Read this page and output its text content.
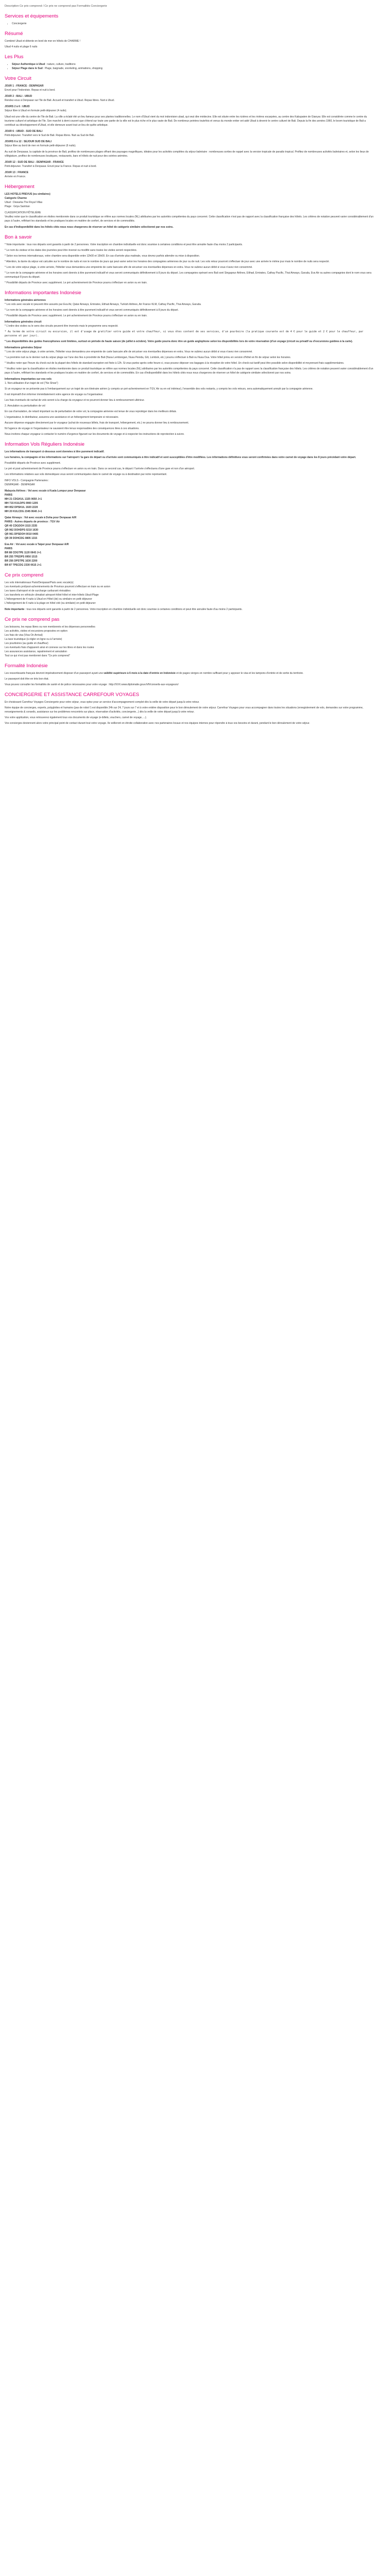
Description Ce prix comprend / Ce prix ne comprend pas Formalités Conciergerie
Services et équipements
• Conciergerie
Résumé

Combiné Ubud et détente en bord de mer en hôtels de CHARME !

Ubud 4 nuits et plage 6 nuits

Les Plus
• Séjour Authentique à Ubud : nature, culture, traditions
• Séjour Plage dans le Sud : Plage, baignade, snorkeling, animations, shopping
Votre Circuit
JOUR 1 : FRANCE - DENPASAR
Envol pour l'Indonésie. Repas et nuit à bord.
JOUR 2 : BALI - UBUD
Rendez-vous à Denpasar sur l'île de Bali. Accueil et transfert à Ubud. Repas libres. Nuit à Ubud.
JOURS 2 à 6 : UBUD
Séjour libre à Ubud en formule petit-déjeuner (4 nuits).
Ubud est une ville du centre de l'île de Bali. La ville a éclaté été un lieu fameux pour ses plantes traditionnelles. Le nom d'Ubud vient du mot indonésien ubad, qui veut dire médecine. Elle est située entre les rizières et les rivières escarpées, au centre des Kabupaten de Gianyar. Elle est considérée comme le centre du tourisme culturel et artistique de l'île. Son marché à demi couvert que s'étend sur toute une partie de la ville est le plus riche et le plus vaste de Bali. De nombreux peintres toutefois et venus du monde entier ont aidé Ubud à devenir le centre culturel de Bali. Depuis la fin des années 1960, le boom touristique de Bali a contribué au développement d'Ubud, et elle demeure avant tout un lieu de quête artistique.
JOUR 6 : UBUD - SUD DE BALI
Petit-déjeuner. Transfert vers le Sud de Bali. Repas libres. Nuit au Sud de Bali.
JOURS 6 à 12 : SEJOUR SUD DE BALI
Séjour libre au bord de mer en formule petit-déjeuner (6 nuits).
Au sud de Denpasar, la capitale de la province de Bali, profitez de nombreuses plages offrant des paysages magnifiques, idéales pour les activités complètes du séjour balnéaire : nombreuses sorties de rappel avec la version tropicale de paradis tropical. Profitez de nombreuses activités balnéaires et, selon les lieux de villégiature, profitez de nombreuses boutiques, restaurants, bars et hôtels de nuit pour des soirées animées.
JOUR 12 : SUD DE BALI - DENPASAR - FRANCE
Petit-déjeuner. Transfert à Denpasar. Envol pour la France. Repas et nuit à bord.
JOUR 13 : FRANCE
Arrivée en France.
Hébergement
LES HOTELS PREVUS (ou similaires)
Catégorie Charme
Ubud : Dewarka The Royal Villas
Plage : Griya Santrian
CLASSIFICATION HÔTELIÈRE
Veuillez noter que le classification en étoiles mentionnée dans ce produit touristique se réfère aux normes locales (NL) attribuées par les autorités compétentes du pays concerné. Cette classification n'est pas de rapport avec la classification française des hôtels. Les critères de notation peuvent varier considérablement d'un pays à l'autre, reflétant les standards et les pratiques locales en matière de confort, de services et de commodités.
En cas d'indisponibilité dans les hôtels cités nous nous chargerons de réserver un hôtel de catégorie similaire sélectionné par nos soins.
Bon à savoir

* Note importante : tous nos départs sont garantis à partir de 2 personnes. Votre inscription en chambre individuelle est donc soumise à certaines conditions et peut être annulée faute d'au moins 2 participants.

* Le nom du visiteur et les dates des journées peut être inversé ou modifié sans toutes les visites seront respectées.

* Selon nos termes internationaux, votre chambre sera disponible entre 12h00 et 15h00. En cas d'arrivée plus matinale, vous devrez parfois attendre ou mise à disposition.

* Attention, la durée du séjour est calculée sur le nombre de nuits et non le nombre de jours qui peut varier selon les horaires des compagnies aériennes de jour ou de nuit. Les vols retour pourront s'effectuer de jour avec une arrivée le même jour mais le nombre de nuits sera respecté.

* Lors de votre séjour plage, à votre arrivée, l'hôtelier vous demandera une empreinte de carte bancaire afin de sécuriser vos éventuelles dépenses en extra. Vous ne subirez aucun débit si vous n'avez rien consommé.

* Le nom de la compagnie aérienne et les horaires sont donnés à titre purement indicatif et vous seront communiqués définitivement à 8 jours du départ. Les compagnies opérant vers Bali sont Singapour Airlines, Etihad, Emirates, Cathay Pacific, Thai Airways, Garuda, Eva Air ou autres compagnies dont le nom vous sera communiqué 8 jours du départ.

* Possibilité départs de Province avec supplément. Le pré acheminement de Province pourra s'effectuer en avion ou en train.

Informations importantes Indonésie
Informations générales aériennes

* Les vols avec escale ici peuvent être assurés par Eva Air, Qatar Airways, Emirates, Etihad Airways, Turkish Airlines, Air France KLM, Cathay Pacific, Thai Airways, Garuda.

* Le nom de la compagnie aérienne et les horaires sont donnés à titre purement indicatif et vous seront communiqués définitivement à 8 jours du départ.

* Possibilité départs de Province avec supplément. Le pré acheminement de Province pourra s'effectuer en avion ou en train.

Informations générales circuit

* L'ordre des visites ou le sens des circuits peuvent être inversés mais le programme sera respecté.

* Au terme de votre circuit ou excursion, il est d'usage de gratifier votre guide et votre chauffeur, si vous êtes content de ses services, d'un pourboire (la pratique courante est de 4 € pour le guide et 2 € pour le chauffeur, par personne et par jour).

* Les disponibilités des guides francophones sont limitées, surtout en période de haute saison (de juillet à octobre). Votre guide pourra donc être un guide anglophone selon les disponibilités lors de votre réservation (d'un voyage (circuit ou privatif ou d'excursions guidées à la carte).

Informations générales Séjour

* Lors de votre séjour plage, à votre arrivée, l'hôtelier vous demandera une empreinte de carte bancaire afin de sécuriser vos éventuelles dépenses en extra. Vous ne subirez aucun débit si vous n'avez rien consommé.

* La première nuit ou le dernier nuit du séjour plage sur l'une des îles à proximité de Bali (Nusa Lembongan, Nusa Penida, Gili, Lombok, etc.) pourra s'effectuer à Bali ou Nusa Dua. Votre hôtel prévu en version d'hôtel en fin de séjour selon les horaires.

* Veuillez noter que l'heure du check-out de la plupart des hôtels de standard européen est fixée à 12h. Si vous partez après cette heure-ci, vous pouvez déposer vos bagages à la réception de votre hôtel. Un check-out tardif peut être possible selon disponibilité et moyennant frais supplémentaires.

* Veuillez noter que la classification en étoiles mentionnée dans ce produit touristique se réfère aux normes locales (NL) attribuées par les autorités compétentes du pays concerné. Cette classification n'a pas de rapport avec la classification française des hôtels. Les critères de notation peuvent varier considérablement d'un pays à l'autre, reflétant les standards et les pratiques locales en matière de confort, de services et de commodités. En cas d'indisponibilité dans les hôtels cités nous nous chargerons de réserver un hôtel de catégorie similaire sélectionné par nos soins.

Informations importantes sur vos vols

1. Non-utilisation d'un trajet de vol ("No Show")

Si un voyageur ne se présente pas à l'embarquement sur un trajet de son itinéraire aérien (y compris un pré-acheminement en TGV, Air ou en vol intérieur), l'ensemble des vols restants, y compris les vols retours, sera automatiquement annulé par la compagnie aérienne.

Il est impératif d'en informer immédiatement votre agence de voyage ou l'organisateur.

Les frais éventuels de rachat de vols seront à la charge du voyageur et ne pourront donner lieu à remboursement ultérieur.

2. Annulation ou perturbation de vol

En cas d'annulation, de retard important ou de perturbation de votre vol, la compagnie aérienne est tenue de vous reprotéger dans les meilleurs délais.

L'organisateur, le distributeur, assurera une assistance et un hébergement temporaire si nécessaire.

Aucune dépense engagée directement par le voyageur (achat de nouveaux billets, frais de transport, hébergement, etc.) ne pourra donner lieu à remboursement.

Ni l'agence de voyage ni l'organisateur ne sauraient être tenus responsables des conséquences liées à ces situations.

Nous invitons chaque voyageur à contacter le numéro d'urgence figurant sur les documents de voyage et à respecter les instructions de reprotection à suivre.

Information Vols Réguliers Indonésie

Les informations de transport ci-dessous sont données à titre purement indicatif.

Les horaires, la compagnie et les informations sur l'aéroport / la gare de départ ou d'arrivée sont communiqués à titre indicatif et sont susceptibles d'être modifiées. Les informations définitives vous seront confirmées dans votre carnet de voyage dans les 8 jours précédant votre départ.

Possibilité départs de Province avec supplément.

Le pré et post acheminement de Province pourra s'effectuer en avion ou en train. Dans ce second cas, le départ / l'arrivée s'effectuera d'une gare et non d'un aéroport.

Les informations relatives aux vols domestiques vous seront communiquées dans le carnet de voyage ou à destination par notre représentant.

INFO VOLS - Compagnie Partenaires :
DENPASAR - DENPASAR
Malaysia Airlines : Vol avec escale à Kuala Lumpur pour Denpasar
PARIS
MH 21 CDGKUL 1325 0650 J+1
MH 715 KULDPS 0900 1205
MH 852 DPSKUL 1920 2220
MH 20 KULCDG 2345 0640 J+1
Qatar Airways : Vol avec escale à Doha pour Denpasar A/R
PARIS - Autres départs de province : TGV Air
QR 40 CDGDOH 1515 2335
QR 962 DOHDPS 0210 1630
QR 961 DPSDOH 0010 0405
QR 39 DOHCDG 0805 1315
Eva Air : Vol avec escale à Taipei pour Denpasar A/R
PARIS
BR 88 CDGTPE 1120 0643 J+1
BR 255 TPEDPS 0950 1515
BR 256 DPSTPE 1630 2200
BR 87 TPECDG 2330 0615 J+1
Ce prix comprend
Les vols internationaux Paris/Denpasar/Paris avec escale(s)
Les éventuels pré/post-acheminements de Province pourront s'effectuer en train ou en avion
Les taxes d'aéroport et de surcharge carburant révisables
Les transferts en véhicule climatisé aéroport-hôtel-hôtel et inter-hôtels Ubud-Plage
L'hébergement de 4 nuits à Ubud en Hôtel (de) ou similaire en petit déjeuner
L'hébergement de 6 nuits à la plage en hôtel cité (ou similaire) en petit déjeuner

Note importante : tous nos départs sont garantis à partir de 2 personnes. Votre inscription en chambre individuelle est donc soumise à certaines conditions et peut être annulée faute d'au moins 2 participants.

Ce prix ne comprend pas
Les boissons, les repas libres ou non mentionnés et les dépenses personnelles
Les activités, visites et excursions proposées en option
Les frais de visa (Visa On Arrival)
La taxe touristique (à régler en ligne ou à l'arrivée)
Les pourboires (au guide et chauffeur)
Les éventuels frais d'apparent ainsi et connexe sur les titres et dans les routes
Les assurances assistance, rapatriement et annulation
Tout ce qui n'est pas mentionné dans "Ce prix comprend"
Formalité Indonésie

Les ressortissants français devront impérativement disposer d'un passeport ayant une validité supérieure à 6 mois à la date d'entrée en Indonésie et de pages vierges en nombre suffisant pour y apposer le visa et les tampons d'entrée et de sortie du territoire.

Le passeport doit être en très bon état.

Vous pouvez consulter les formalités de santé et de police nécessaires pour votre voyage : http://XXX.www.diplomatie.gouv.fr/fr/conseils-aux-voyageurs/

CONCIERGERIE ET ASSISTANCE CARREFOUR VOYAGES

En choisissant Carrefour Voyages Conciergerie pour votre séjour, vous optez pour un service d'accompagnement complet dès la veille de votre départ jusqu'à votre retour.

Notre équipe de concierges, experts, polyglottes et humains (pas de robot !) est disponible 24h sur 24, 7 jours sur 7 et à votre entière disposition pour le bon déroulement de votre séjour. Carrefour Voyages pour vous accompagner dans toutes les situations (enregistrement de vols, demandes sur votre programme, renseignements & conseils, assistance sur les problèmes rencontrés sur place, réservation d'activités, conciergerie...) dès la veille de votre départ jusqu'à votre retour.

Vos votre application, vous retrouverez également tous vos documents de voyage (e-billets, vouchers, carnet de voyage, ...).

Vos concierges deviennent alors votre principal point de contact durant tout votre voyage. Ils veilleront en étroite collaboration avec nos partenaires locaux et nos équipes internes pour répondre à tous vos besoins et durant, pendant le bon déroulement de votre séjour.
